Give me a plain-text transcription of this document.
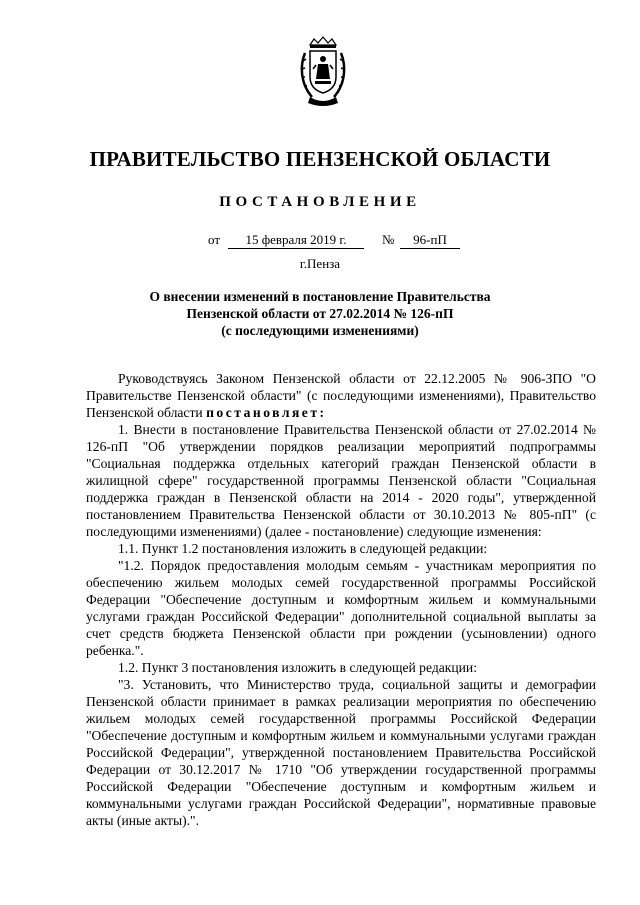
ПРАВИТЕЛЬСТВО ПЕНЗЕНСКОЙ ОБЛАСТИ
ПОСТАНОВЛЕНИЕ
от	15 февраля 2019 г.	№	96-пП
г.Пенза
О внесении изменений в постановление Правительства
Пензенской области от 27.02.2014 № 126-пП
(с последующими изменениями)

Руководствуясь Законом Пензенской области от 22.12.2005 № 906-ЗПО "О Правительстве Пензенской области" (с последующими изменениями), Правительство Пензенской области постановляет:

1. Внести в постановление Правительства Пензенской области от 27.02.2014 № 126-пП "Об утверждении порядков реализации мероприятий подпрограммы "Социальная поддержка отдельных категорий граждан Пензенской области в жилищной сфере" государственной программы Пензенской области "Социальная поддержка граждан в Пензенской области на 2014 - 2020 годы", утвержденной постановлением Правительства Пензенской области от 30.10.2013 № 805-пП" (с последующими изменениями) (далее - постановление) следующие изменения:

1.1. Пункт 1.2 постановления изложить в следующей редакции:

"1.2. Порядок предоставления молодым семьям - участникам мероприятия по обеспечению жильем молодых семей государственной программы Российской Федерации "Обеспечение доступным и комфортным жильем и коммунальными услугами граждан Российской Федерации" дополнительной социальной выплаты за счет средств бюджета Пензенской области при рождении (усыновлении) одного ребенка.".

1.2. Пункт 3 постановления изложить в следующей редакции:

"3. Установить, что Министерство труда, социальной защиты и демографии Пензенской области принимает в рамках реализации мероприятия по обеспечению жильем молодых семей государственной программы Российской Федерации "Обеспечение доступным и комфортным жильем и коммунальными услугами граждан Российской Федерации", утвержденной постановлением Правительства Российской Федерации от 30.12.2017 № 1710 "Об утверждении государственной программы Российской Федерации "Обеспечение доступным и комфортным жильем и коммунальными услугами граждан Российской Федерации", нормативные правовые акты (иные акты).".
